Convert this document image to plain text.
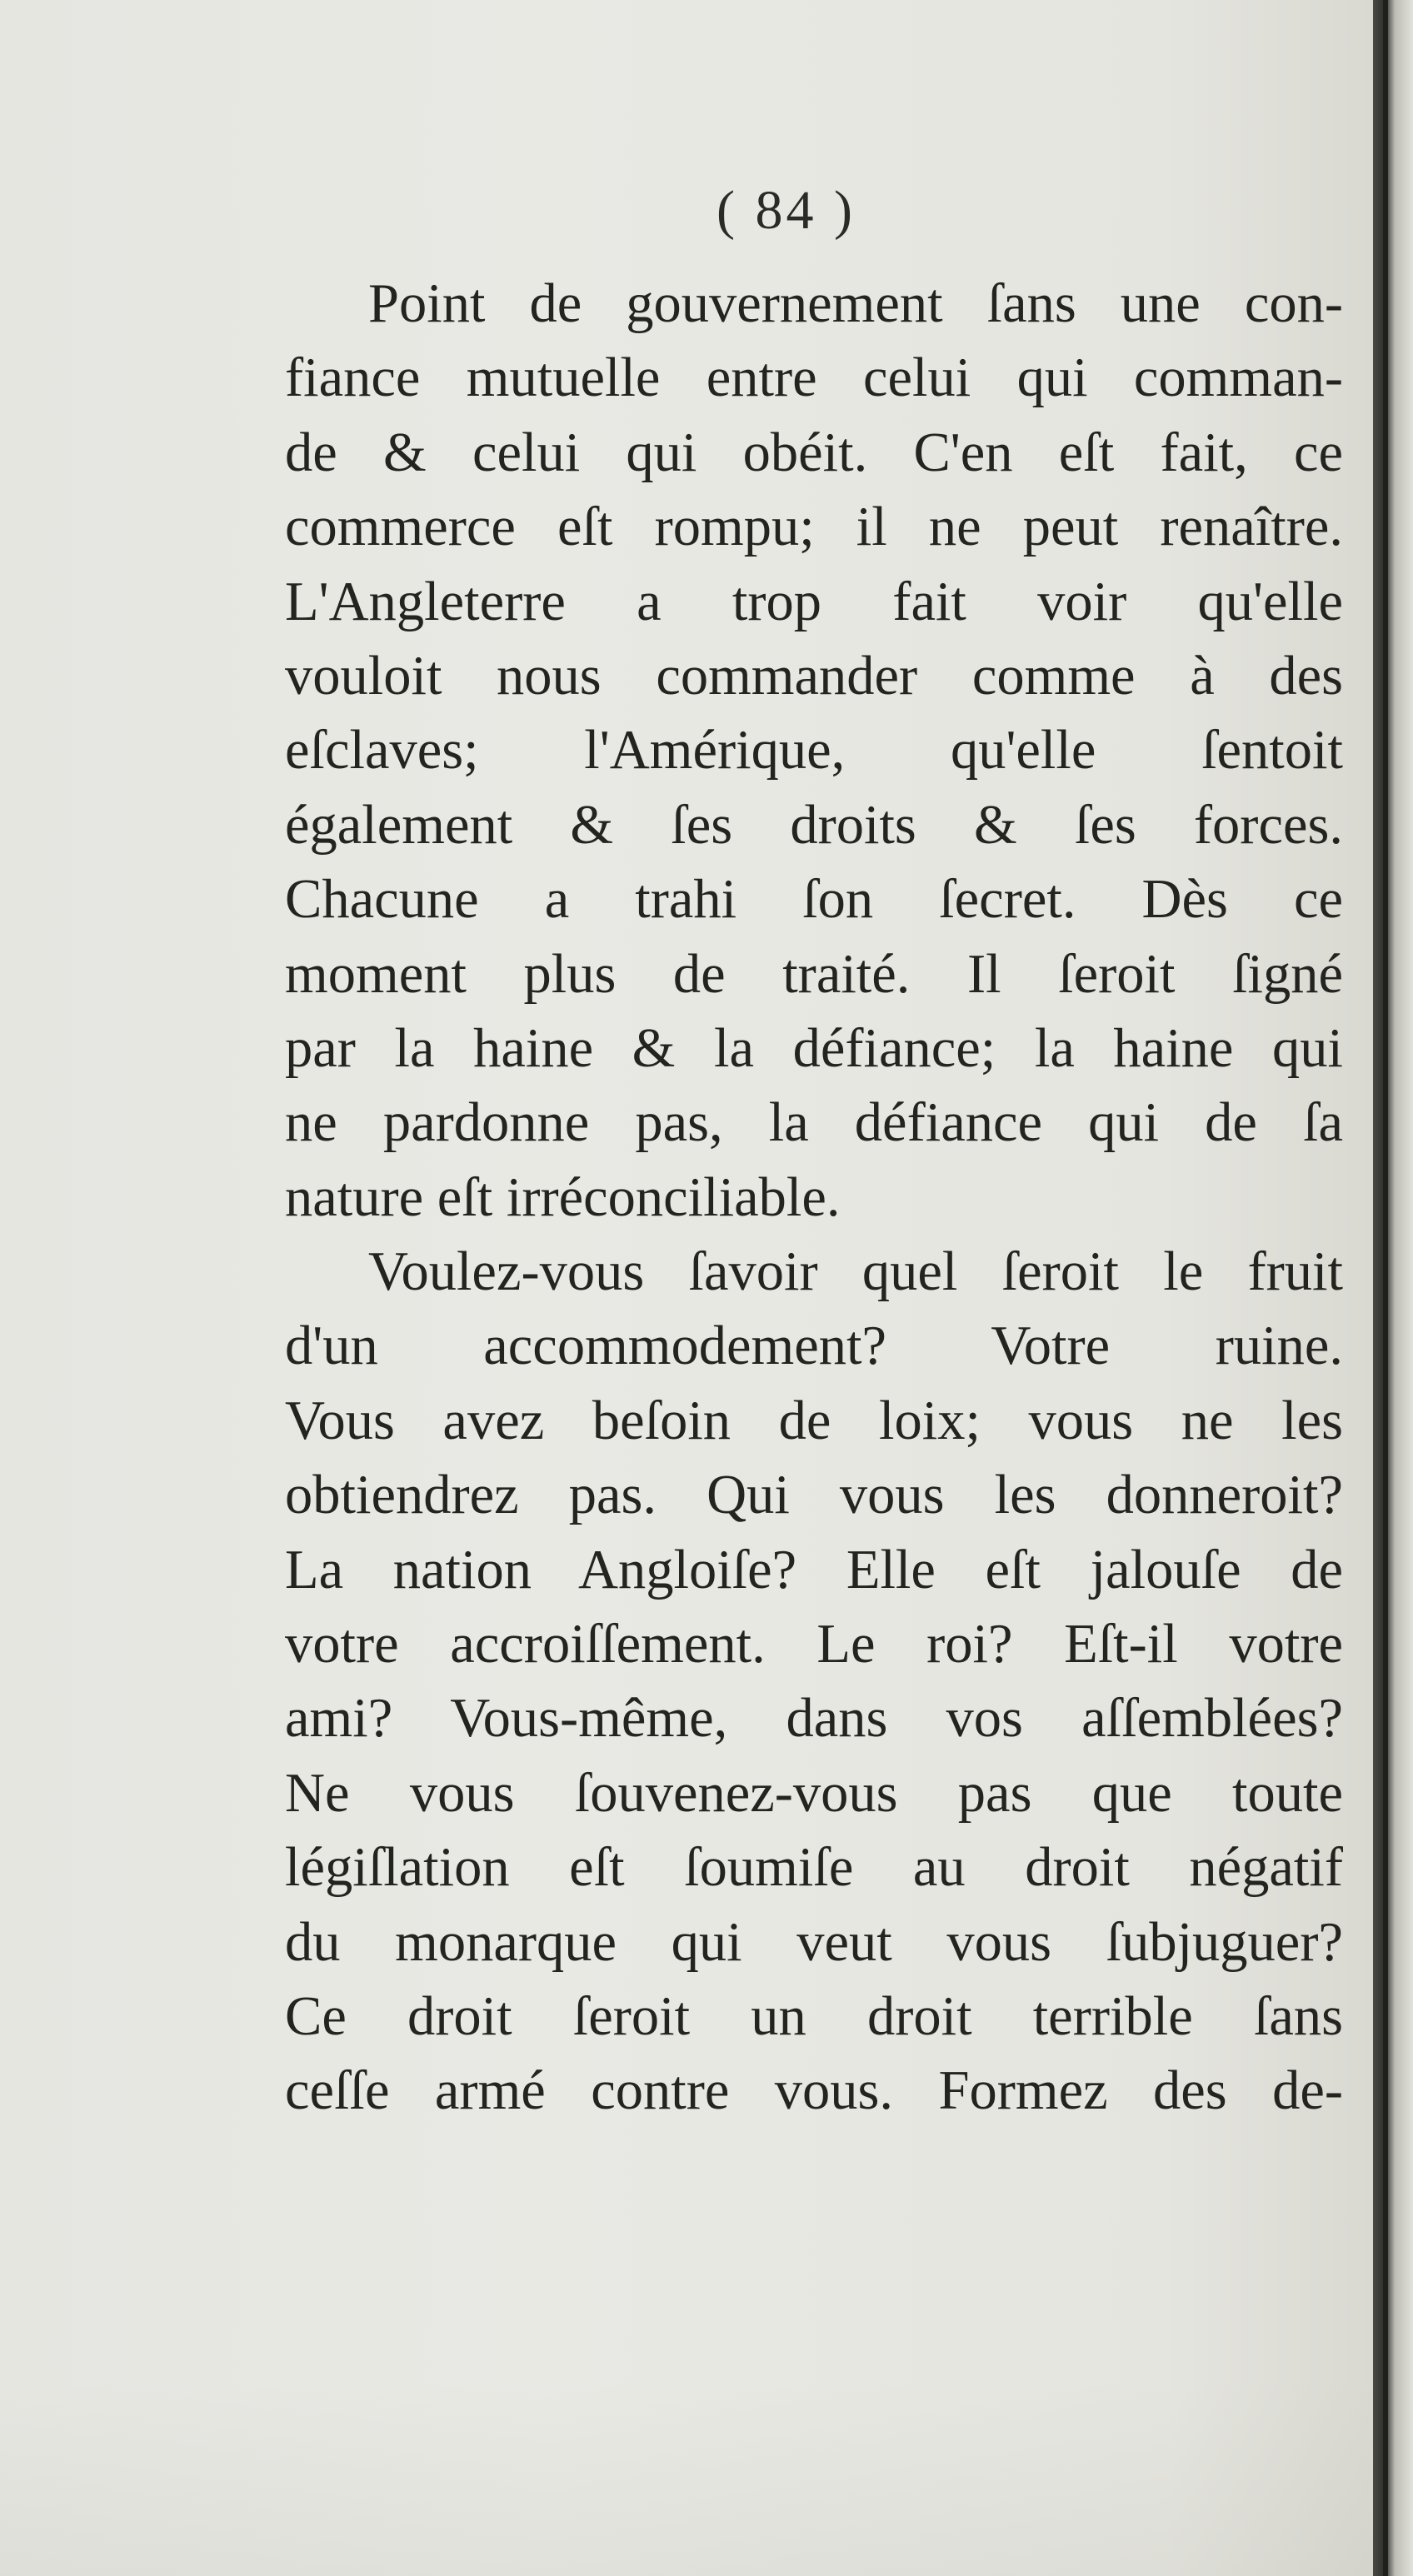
( 84 )
Point de gouvernement ſans une con-
fiance mutuelle entre celui qui comman-
de & celui qui obéit. C'en eſt fait, ce
commerce eſt rompu; il ne peut renaître.
L'Angleterre a trop fait voir qu'elle
vouloit nous commander comme à des
eſclaves; l'Amérique, qu'elle ſentoit
également & ſes droits & ſes forces.
Chacune a trahi ſon ſecret. Dès ce
moment plus de traité. Il ſeroit ſigné
par la haine & la défiance; la haine qui
ne pardonne pas, la défiance qui de ſa
nature eſt irréconciliable.
Voulez-vous ſavoir quel ſeroit le fruit
d'un accommodement? Votre ruine.
Vous avez beſoin de loix; vous ne les
obtiendrez pas. Qui vous les donneroit?
La nation Angloiſe? Elle eſt jalouſe de
votre accroiſſement. Le roi? Eſt-il votre
ami? Vous-même, dans vos aſſemblées?
Ne vous ſouvenez-vous pas que toute
légiſlation eſt ſoumiſe au droit négatif
du monarque qui veut vous ſubjuguer?
Ce droit ſeroit un droit terrible ſans
ceſſe armé contre vous. Formez des de-
